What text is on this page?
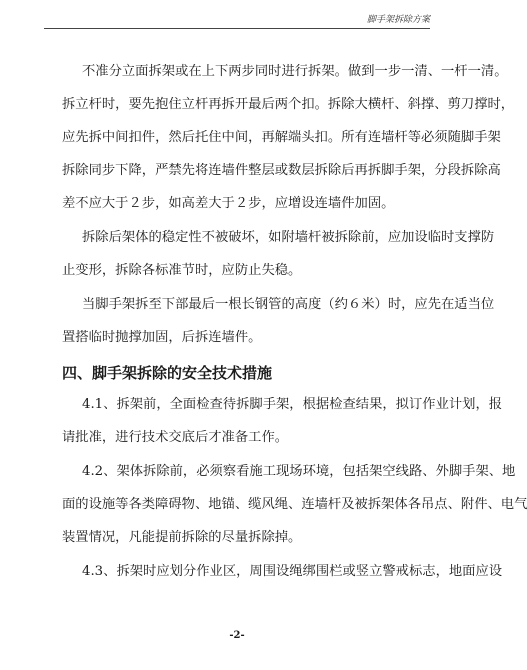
脚手架拆除方案
不准分立面拆架或在上下两步同时进行拆架。做到一步一清、一杆一清。
拆立杆时，要先抱住立杆再拆开最后两个扣。拆除大横杆、斜撑、剪刀撑时，
应先拆中间扣件，然后托住中间，再解端头扣。所有连墙杆等必须随脚手架
拆除同步下降，严禁先将连墙件整层或数层拆除后再拆脚手架，分段拆除高
差不应大于２步，如高差大于２步，应增设连墙件加固。
拆除后架体的稳定性不被破坏，如附墙杆被拆除前，应加设临时支撑防
止变形，拆除各标准节时，应防止失稳。
当脚手架拆至下部最后一根长钢管的高度（约６米）时，应先在适当位
置搭临时抛撑加固，后拆连墙件。
四、脚手架拆除的安全技术措施
4.1、拆架前，全面检查待拆脚手架，根据检查结果，拟订作业计划，报
请批准，进行技术交底后才准备工作。
4.2、架体拆除前，必须察看施工现场环境，包括架空线路、外脚手架、地
面的设施等各类障碍物、地锚、缆风绳、连墙杆及被拆架体各吊点、附件、电气
装置情况，凡能提前拆除的尽量拆除掉。
4.3、拆架时应划分作业区，周围设绳绑围栏或竖立警戒标志，地面应设
-2-
